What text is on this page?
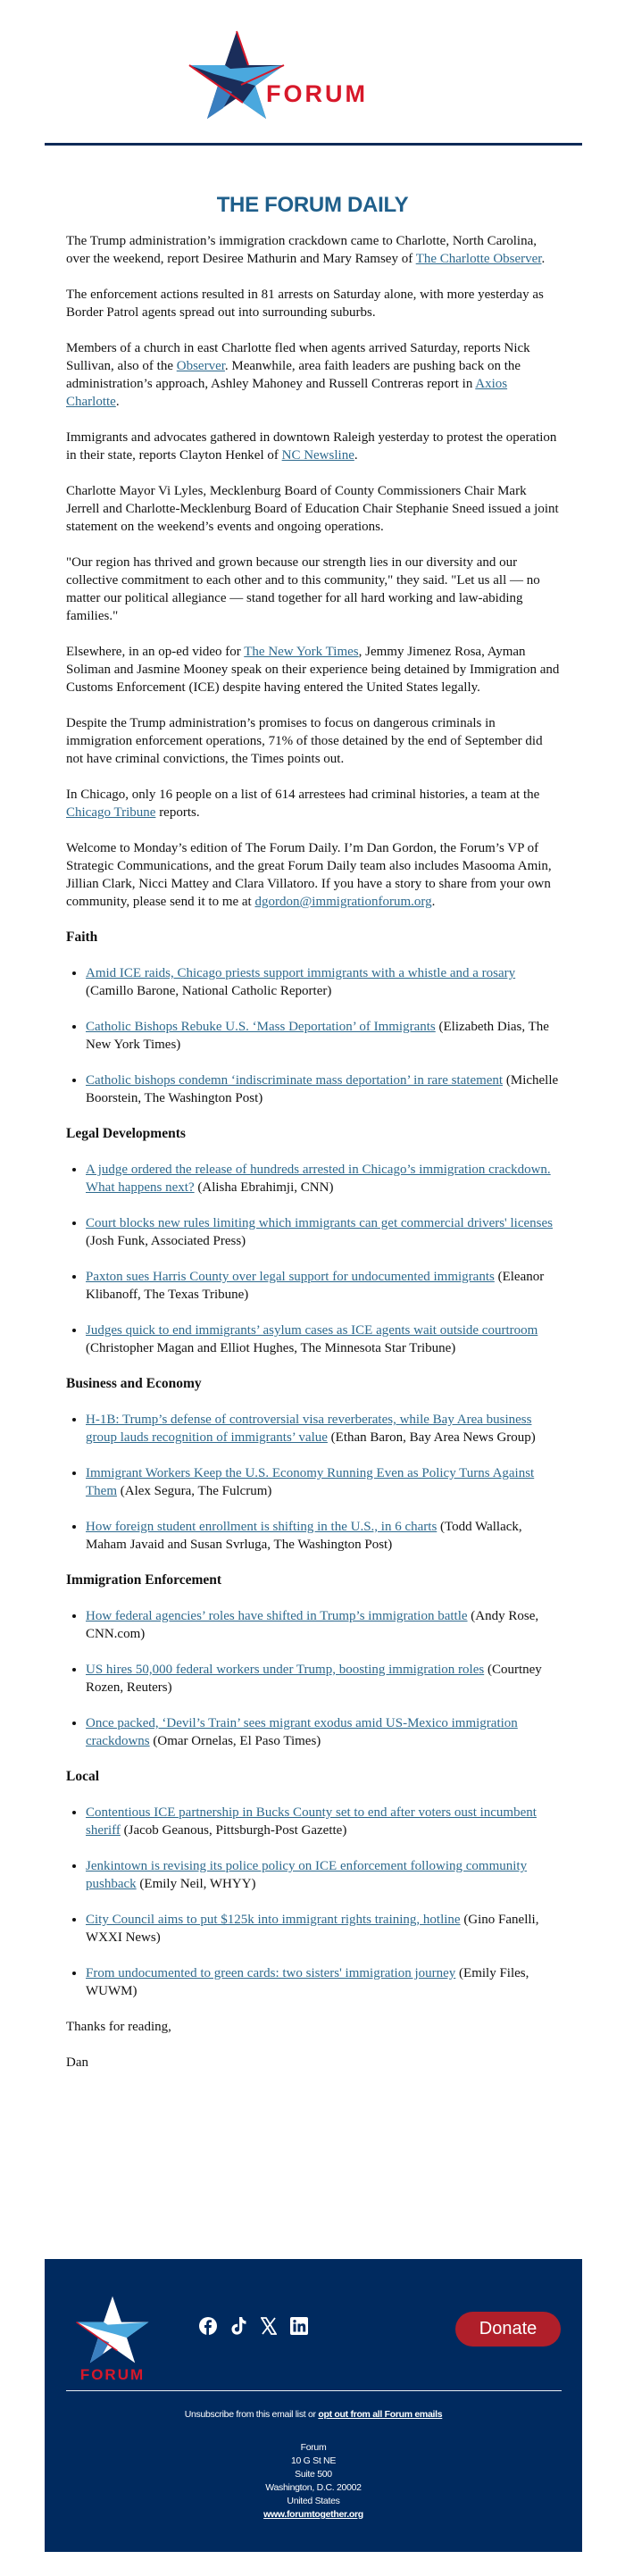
FORUM
THE FORUM DAILY

The Trump administration’s immigration crackdown came to Charlotte, North Carolina, over the weekend, report Desiree Mathurin and Mary Ramsey of The Charlotte Observer.

The enforcement actions resulted in 81 arrests on Saturday alone, with more yesterday as Border Patrol agents spread out into surrounding suburbs.

Members of a church in east Charlotte fled when agents arrived Saturday, reports Nick Sullivan, also of the Observer. Meanwhile, area faith leaders are pushing back on the administration’s approach, Ashley Mahoney and Russell Contreras report in Axios Charlotte.

Immigrants and advocates gathered in downtown Raleigh yesterday to protest the operation in their state, reports Clayton Henkel of NC Newsline.

Charlotte Mayor Vi Lyles, Mecklenburg Board of County Commissioners Chair Mark Jerrell and Charlotte-Mecklenburg Board of Education Chair Stephanie Sneed issued a joint statement on the weekend’s events and ongoing operations.

"Our region has thrived and grown because our strength lies in our diversity and our collective commitment to each other and to this community," they said. "Let us all — no matter our political allegiance — stand together for all hard working and law-abiding families."

Elsewhere, in an op-ed video for The New York Times, Jemmy Jimenez Rosa, Ayman Soliman and Jasmine Mooney speak on their experience being detained by Immigration and Customs Enforcement (ICE) despite having entered the United States legally.

Despite the Trump administration’s promises to focus on dangerous criminals in immigration enforcement operations, 71% of those detained by the end of September did not have criminal convictions, the Times points out.

In Chicago, only 16 people on a list of 614 arrestees had criminal histories, a team at the Chicago Tribune reports.

Welcome to Monday’s edition of The Forum Daily. I’m Dan Gordon, the Forum’s VP of Strategic Communications, and the great Forum Daily team also includes Masooma Amin, Jillian Clark, Nicci Mattey and Clara Villatoro. If you have a story to share from your own community, please send it to me at dgordon@immigrationforum.org.

Faith
• Amid ICE raids, Chicago priests support immigrants with a whistle and a rosary (Camillo Barone, National Catholic Reporter)
• Catholic Bishops Rebuke U.S. ‘Mass Deportation’ of Immigrants (Elizabeth Dias, The New York Times)
• Catholic bishops condemn ‘indiscriminate mass deportation’ in rare statement (Michelle Boorstein, The Washington Post)
Legal Developments
• A judge ordered the release of hundreds arrested in Chicago’s immigration crackdown. What happens next? (Alisha Ebrahimji, CNN)
• Court blocks new rules limiting which immigrants can get commercial drivers' licenses (Josh Funk, Associated Press)
• Paxton sues Harris County over legal support for undocumented immigrants (Eleanor Klibanoff, The Texas Tribune)
• Judges quick to end immigrants’ asylum cases as ICE agents wait outside courtroom (Christopher Magan and Elliot Hughes, The Minnesota Star Tribune)
Business and Economy
• H-1B: Trump’s defense of controversial visa reverberates, while Bay Area business group lauds recognition of immigrants’ value (Ethan Baron, Bay Area News Group)
• Immigrant Workers Keep the U.S. Economy Running Even as Policy Turns Against Them (Alex Segura, The Fulcrum)
• How foreign student enrollment is shifting in the U.S., in 6 charts (Todd Wallack, Maham Javaid and Susan Svrluga, The Washington Post)
Immigration Enforcement
• How federal agencies’ roles have shifted in Trump’s immigration battle (Andy Rose, CNN.com)
• US hires 50,000 federal workers under Trump, boosting immigration roles (Courtney Rozen, Reuters)
• Once packed, ‘Devil’s Train’ sees migrant exodus amid US-Mexico immigration crackdowns (Omar Ornelas, El Paso Times)
Local
• Contentious ICE partnership in Bucks County set to end after voters oust incumbent sheriff (Jacob Geanous, Pittsburgh-Post Gazette)
• Jenkintown is revising its police policy on ICE enforcement following community pushback (Emily Neil, WHYY)
• City Council aims to put $125k into immigrant rights training, hotline (Gino Fanelli, WXXI News)
• From undocumented to green cards: two sisters' immigration journey (Emily Files, WUWM)

Thanks for reading,

Dan

FORUM
Donate
Unsubscribe from this email list or opt out from all Forum emails
Forum
10 G St NE
Suite 500
Washington, D.C. 20002
United States
www.forumtogether.org
